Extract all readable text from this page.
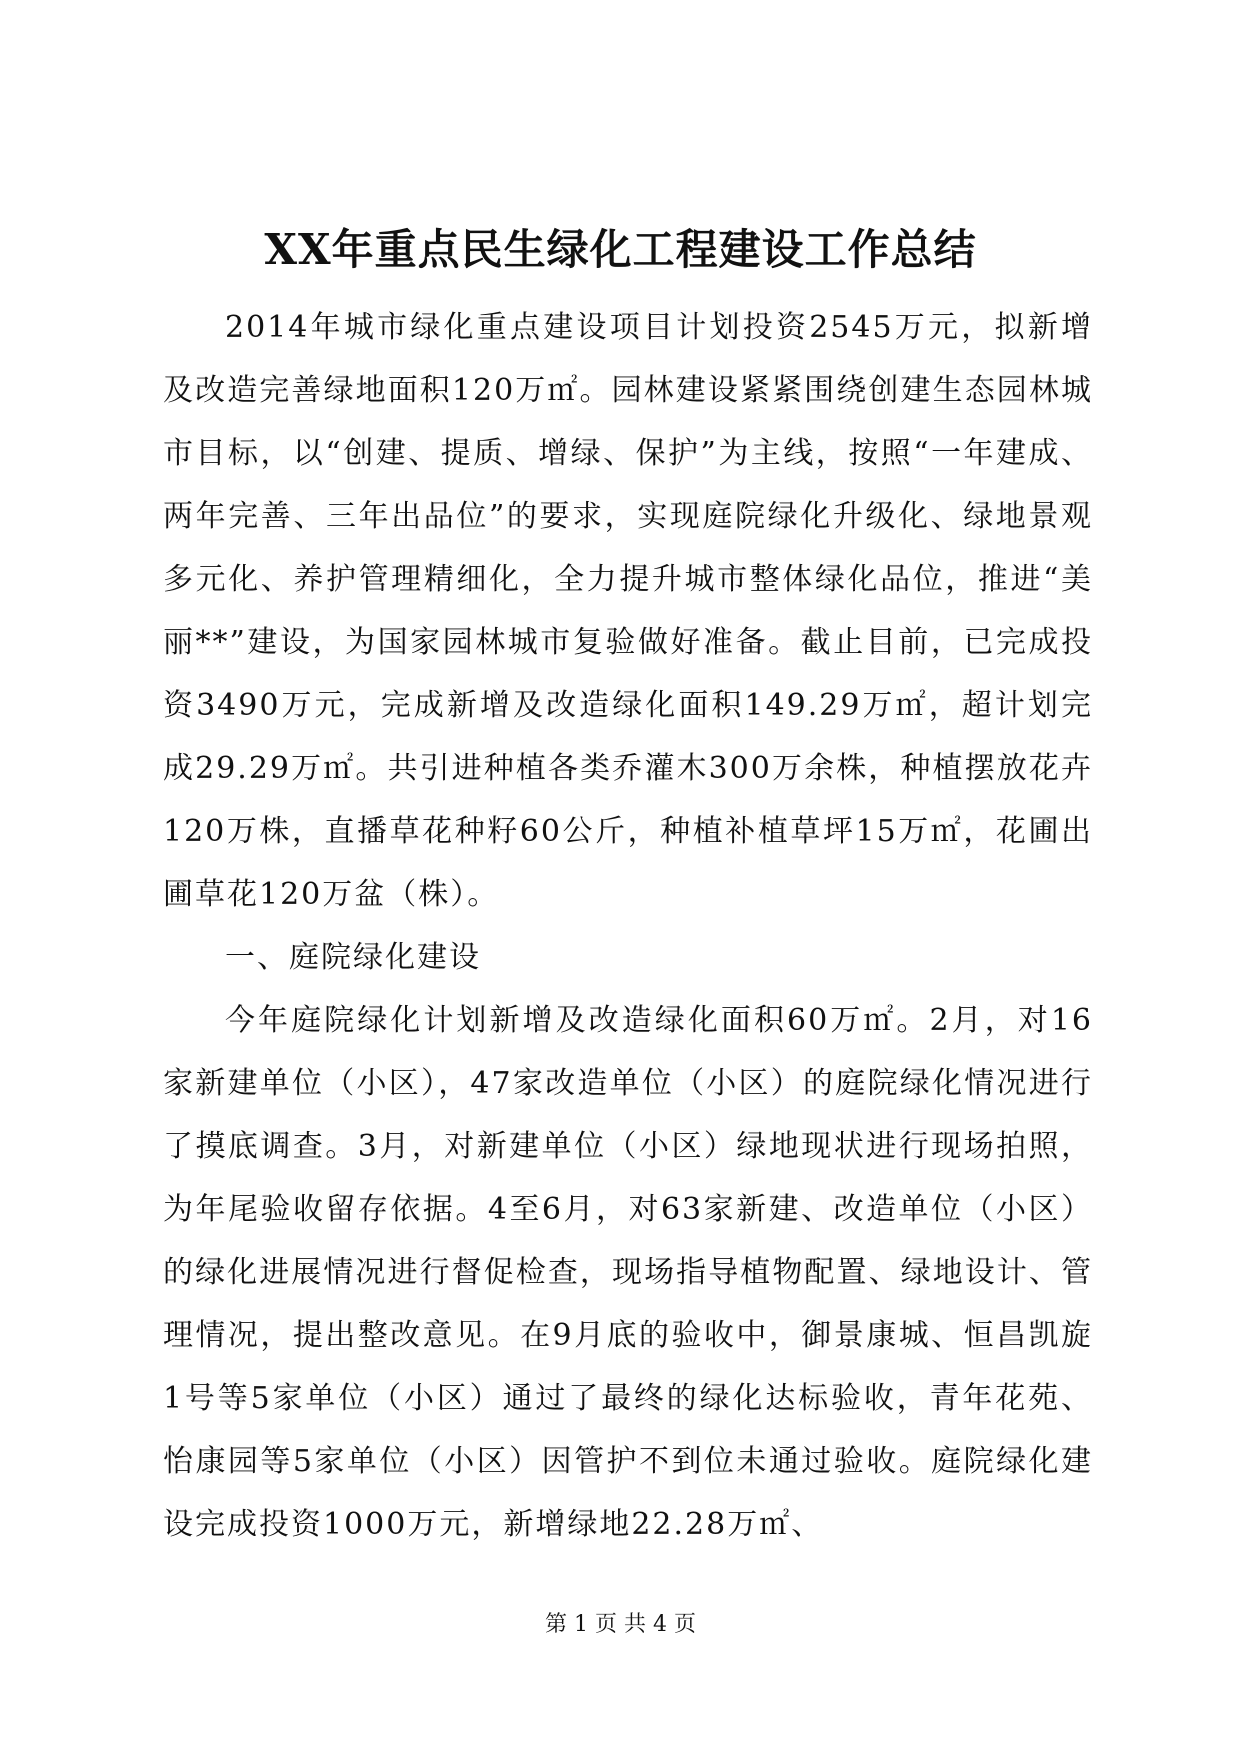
XX年重点民生绿化工程建设工作总结

2014年城市绿化重点建设项目计划投资2545万元，拟新增及改造完善绿地面积120万㎡。园林建设紧紧围绕创建生态园林城市目标，以“创建、提质、增绿、保护”为主线，按照“一年建成、两年完善、三年出品位”的要求，实现庭院绿化升级化、绿地景观多元化、养护管理精细化，全力提升城市整体绿化品位，推进“美丽**”建设，为国家园林城市复验做好准备。截止目前，已完成投资3490万元，完成新增及改造绿化面积149.29万㎡，超计划完成29.29万㎡。共引进种植各类乔灌木300万余株，种植摆放花卉120万株，直播草花种籽60公斤，种植补植草坪15万㎡，花圃出圃草花120万盆（株）。

一、庭院绿化建设

今年庭院绿化计划新增及改造绿化面积60万㎡。2月，对16家新建单位（小区），47家改造单位（小区）的庭院绿化情况进行了摸底调查。3月，对新建单位（小区）绿地现状进行现场拍照，为年尾验收留存依据。4至6月，对63家新建、改造单位（小区）的绿化进展情况进行督促检查，现场指导植物配置、绿地设计、管理情况，提出整改意见。在9月底的验收中，御景康城、恒昌凯旋1号等5家单位（小区）通过了最终的绿化达标验收，青年花苑、怡康园等5家单位（小区）因管护不到位未通过验收。庭院绿化建设完成投资1000万元，新增绿地22.28万㎡、

第 1 页 共 4 页
